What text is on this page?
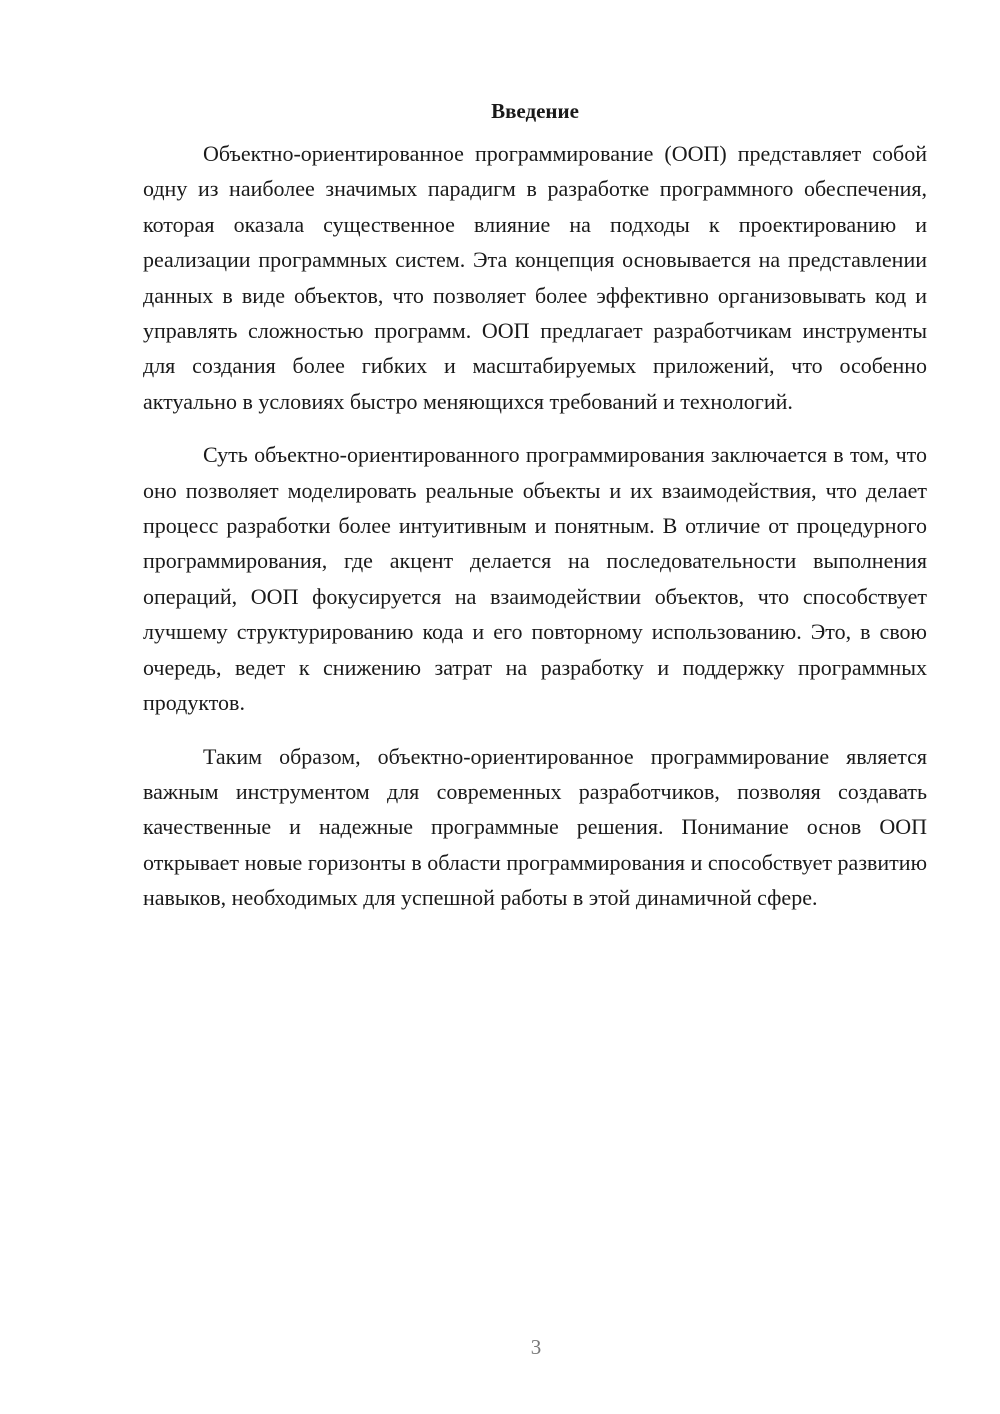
Введение

Объектно-ориентированное программирование (ООП) представляет собой одну из наиболее значимых парадигм в разработке программного обеспечения, которая оказала существенное влияние на подходы к проектированию и реализации программных систем. Эта концепция основывается на представлении данных в виде объектов, что позволяет более эффективно организовывать код и управлять сложностью программ. ООП предлагает разработчикам инструменты для создания более гибких и масштабируемых приложений, что особенно актуально в условиях быстро меняющихся требований и технологий.

Суть объектно-ориентированного программирования заключается в том, что оно позволяет моделировать реальные объекты и их взаимодействия, что делает процесс разработки более интуитивным и понятным. В отличие от процедурного программирования, где акцент делается на последовательности выполнения операций, ООП фокусируется на взаимодействии объектов, что способствует лучшему структурированию кода и его повторному использованию. Это, в свою очередь, ведет к снижению затрат на разработку и поддержку программных продуктов.

Таким образом, объектно-ориентированное программирование является важным инструментом для современных разработчиков, позволяя создавать качественные и надежные программные решения. Понимание основ ООП открывает новые горизонты в области программирования и способствует развитию навыков, необходимых для успешной работы в этой динамичной сфере.

3
